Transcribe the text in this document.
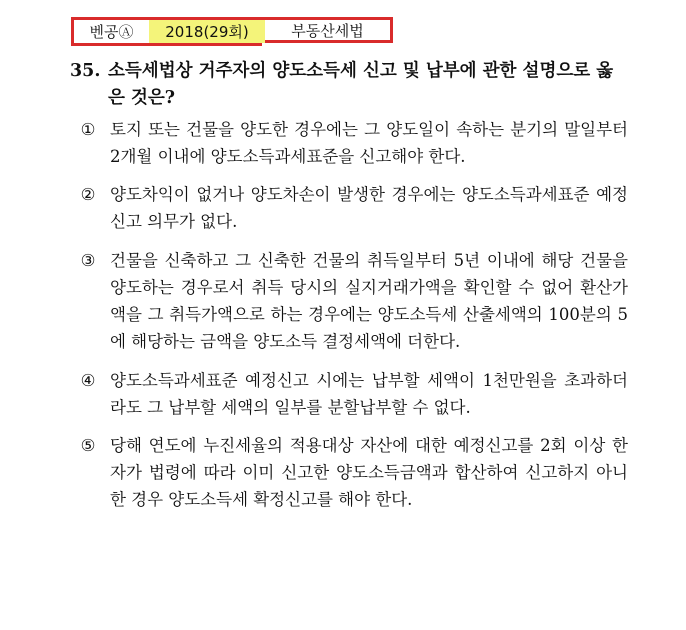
벤공Ⓐ	2018(29회)	부동산세법
35. 소득세법상 거주자의 양도소득세 신고 및 납부에 관한 설명으로 옳은 것은?
① 토지 또는 건물을 양도한 경우에는 그 양도일이 속하는 분기의 말일부터 2개월 이내에 양도소득과세표준을 신고해야 한다.
② 양도차익이 없거나 양도차손이 발생한 경우에는 양도소득과세표준 예정신고 의무가 없다.
③ 건물을 신축하고 그 신축한 건물의 취득일부터 5년 이내에 해당 건물을 양도하는 경우로서 취득 당시의 실지거래가액을 확인할 수 없어 환산가액을 그 취득가액으로 하는 경우에는 양도소득세 산출세액의 100분의 5에 해당하는 금액을 양도소득 결정세액에 더한다.
④ 양도소득과세표준 예정신고 시에는 납부할 세액이 1천만원을 초과하더라도 그 납부할 세액의 일부를 분할납부할 수 없다.
⑤ 당해 연도에 누진세율의 적용대상 자산에 대한 예정신고를 2회 이상 한 자가 법령에 따라 이미 신고한 양도소득금액과 합산하여 신고하지 아니한 경우 양도소득세 확정신고를 해야 한다.
